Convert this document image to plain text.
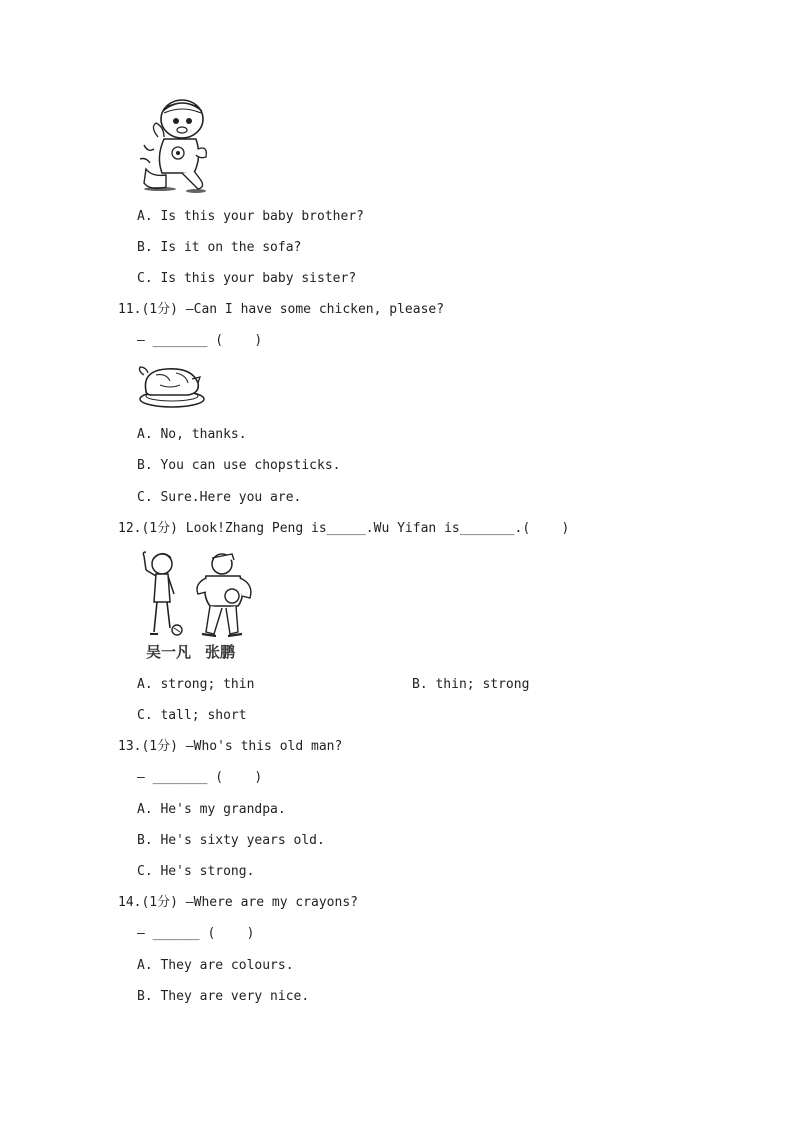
A. Is this your baby brother?
B. Is it on the sofa?
C. Is this your baby sister?
11.(1分) –Can I have some chicken, please?
– _______ (    )
A. No, thanks.
B. You can use chopsticks.
C. Sure.Here you are.
12.(1分) Look!Zhang Peng is_____.Wu Yifan is_______.(    )
吴一凡 张鹏
A. strong; thin	B. thin; strong
C. tall; short
13.(1分) –Who's this old man?
– _______ (    )
A. He's my grandpa.
B. He's sixty years old.
C. He's strong.
14.(1分) –Where are my crayons?
– ______ (    )
A. They are colours.
B. They are very nice.
